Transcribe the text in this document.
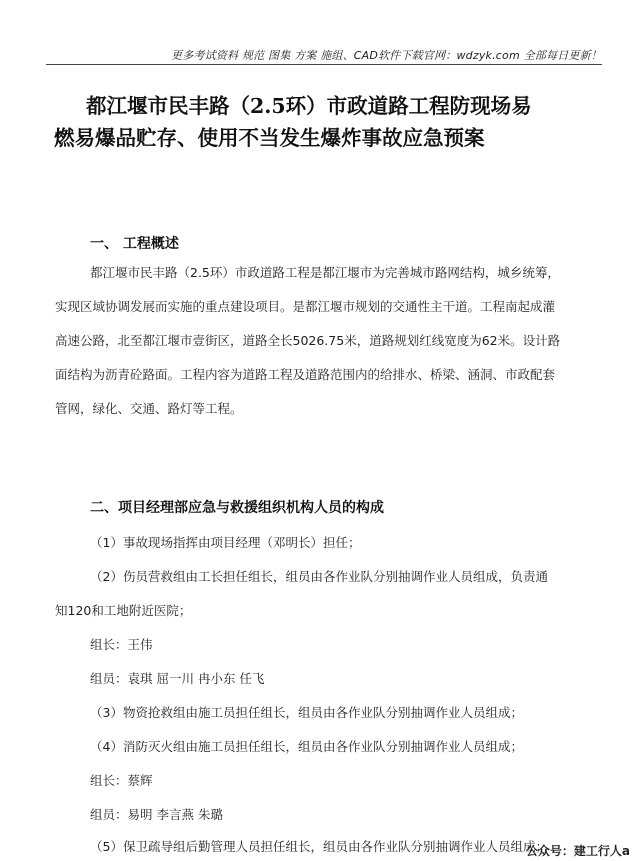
更多考试资料 规范 图集 方案 施组、CAD软件下载官网：wdzyk.com 全部每日更新！
都江堰市民丰路（2.5环）市政道路工程防现场易
燃易爆品贮存、使用不当发生爆炸事故应急预案
一、 工程概述
都江堰市民丰路（2.5环）市政道路工程是都江堰市为完善城市路网结构，城乡统筹，
实现区域协调发展而实施的重点建设项目。是都江堰市规划的交通性主干道。工程南起成灌
高速公路，北至都江堰市壹街区，道路全长5026.75米，道路规划红线宽度为62米。设计路
面结构为沥青砼路面。工程内容为道路工程及道路范围内的给排水、桥梁、涵洞、市政配套
管网，绿化、交通、路灯等工程。
二、项目经理部应急与救援组织机构人员的构成
（1）事故现场指挥由项目经理（邓明长）担任；
（2）伤员营救组由工长担任组长，组员由各作业队分别抽调作业人员组成，负责通
知120和工地附近医院；
组长：王伟
组员：袁琪 屈一川 冉小东 任飞
（3）物资抢救组由施工员担任组长，组员由各作业队分别抽调作业人员组成；
（4）消防灭火组由施工员担任组长，组员由各作业队分别抽调作业人员组成；
组长：蔡辉
组员：易明 李言燕 朱璐
（5）保卫疏导组后勤管理人员担任组长，组员由各作业队分别抽调作业人员组成；
公众号：建工行人a
